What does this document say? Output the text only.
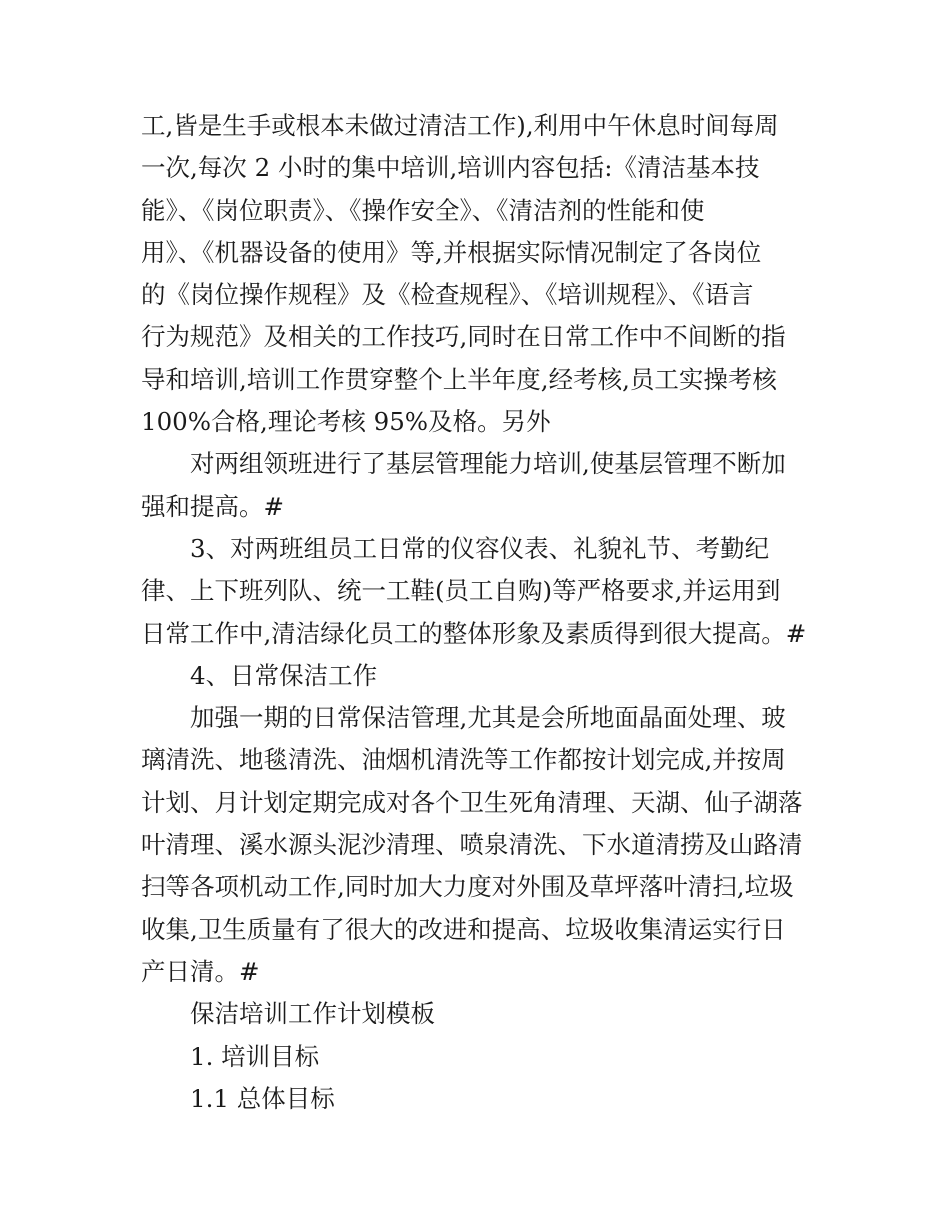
工,皆是生手或根本未做过清洁工作),利用中午休息时间每周
一次,每次 2 小时的集中培训,培训内容包括:《清洁基本技
能》、《岗位职责》、《操作安全》、《清洁剂的性能和使
用》、《机器设备的使用》等,并根据实际情况制定了各岗位
的《岗位操作规程》及《检查规程》、《培训规程》、《语言
行为规范》及相关的工作技巧,同时在日常工作中不间断的指
导和培训,培训工作贯穿整个上半年度,经考核,员工实操考核
100%合格,理论考核 95%及格。另外
对两组领班进行了基层管理能力培训,使基层管理不断加
强和提高。#
3、对两班组员工日常的仪容仪表、礼貌礼节、考勤纪
律、上下班列队、统一工鞋(员工自购)等严格要求,并运用到
日常工作中,清洁绿化员工的整体形象及素质得到很大提高。#
4、日常保洁工作
加强一期的日常保洁管理,尤其是会所地面晶面处理、玻
璃清洗、地毯清洗、油烟机清洗等工作都按计划完成,并按周
计划、月计划定期完成对各个卫生死角清理、天湖、仙子湖落
叶清理、溪水源头泥沙清理、喷泉清洗、下水道清捞及山路清
扫等各项机动工作,同时加大力度对外围及草坪落叶清扫,垃圾
收集,卫生质量有了很大的改进和提高、垃圾收集清运实行日
产日清。#
保洁培训工作计划模板
1. 培训目标
1.1 总体目标
